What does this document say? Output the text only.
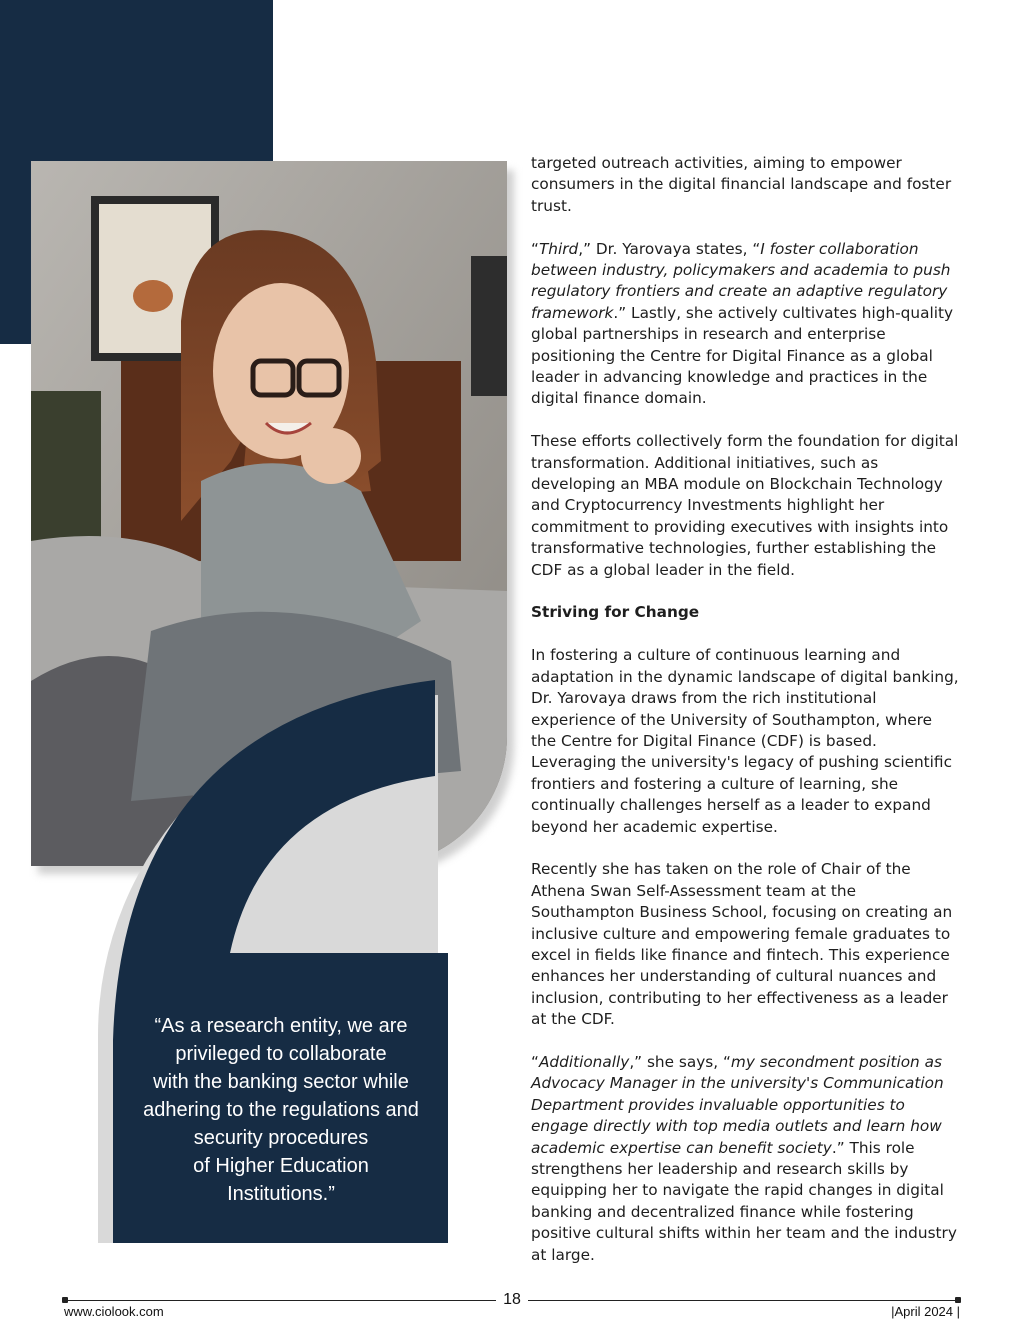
“As a research entity, we are

privileged to collaborate

with the banking sector while

adhering to the regulations and

security procedures

of Higher Education

Institutions.”

targeted outreach activities, aiming to empower consumers in the digital financial landscape and foster trust.

“Third,” Dr. Yarovaya states, “I foster collaboration between industry, policymakers and academia to push regulatory frontiers and create an adaptive regulatory framework.” Lastly, she actively cultivates high-quality global partnerships in research and enterprise positioning the Centre for Digital Finance as a global leader in advancing knowledge and practices in the digital finance domain.

These efforts collectively form the foundation for digital transformation. Additional initiatives, such as developing an MBA module on Blockchain Technology and Cryptocurrency Investments highlight her commitment to providing executives with insights into transformative technologies, further establishing the CDF as a global leader in the field.

Striving for Change

In fostering a culture of continuous learning and adaptation in the dynamic landscape of digital banking, Dr. Yarovaya draws from the rich institutional experience of the University of Southampton, where the Centre for Digital Finance (CDF) is based. Leveraging the university's legacy of pushing scientific frontiers and fostering a culture of learning, she continually challenges herself as a leader to expand beyond her academic expertise.

Recently she has taken on the role of Chair of the Athena Swan Self-Assessment team at the Southampton Business School, focusing on creating an inclusive culture and empowering female graduates to excel in fields like finance and fintech. This experience enhances her understanding of cultural nuances and inclusion, contributing to her effectiveness as a leader at the CDF.

“Additionally,” she says, “my secondment position as Advocacy Manager in the university's Communication Department provides invaluable opportunities to engage directly with top media outlets and learn how academic expertise can benefit society.” This role strengthens her leadership and research skills by equipping her to navigate the rapid changes in digital banking and decentralized finance while fostering positive cultural shifts within her team and the industry at large.

18
www.ciolook.com	|April 2024 |
